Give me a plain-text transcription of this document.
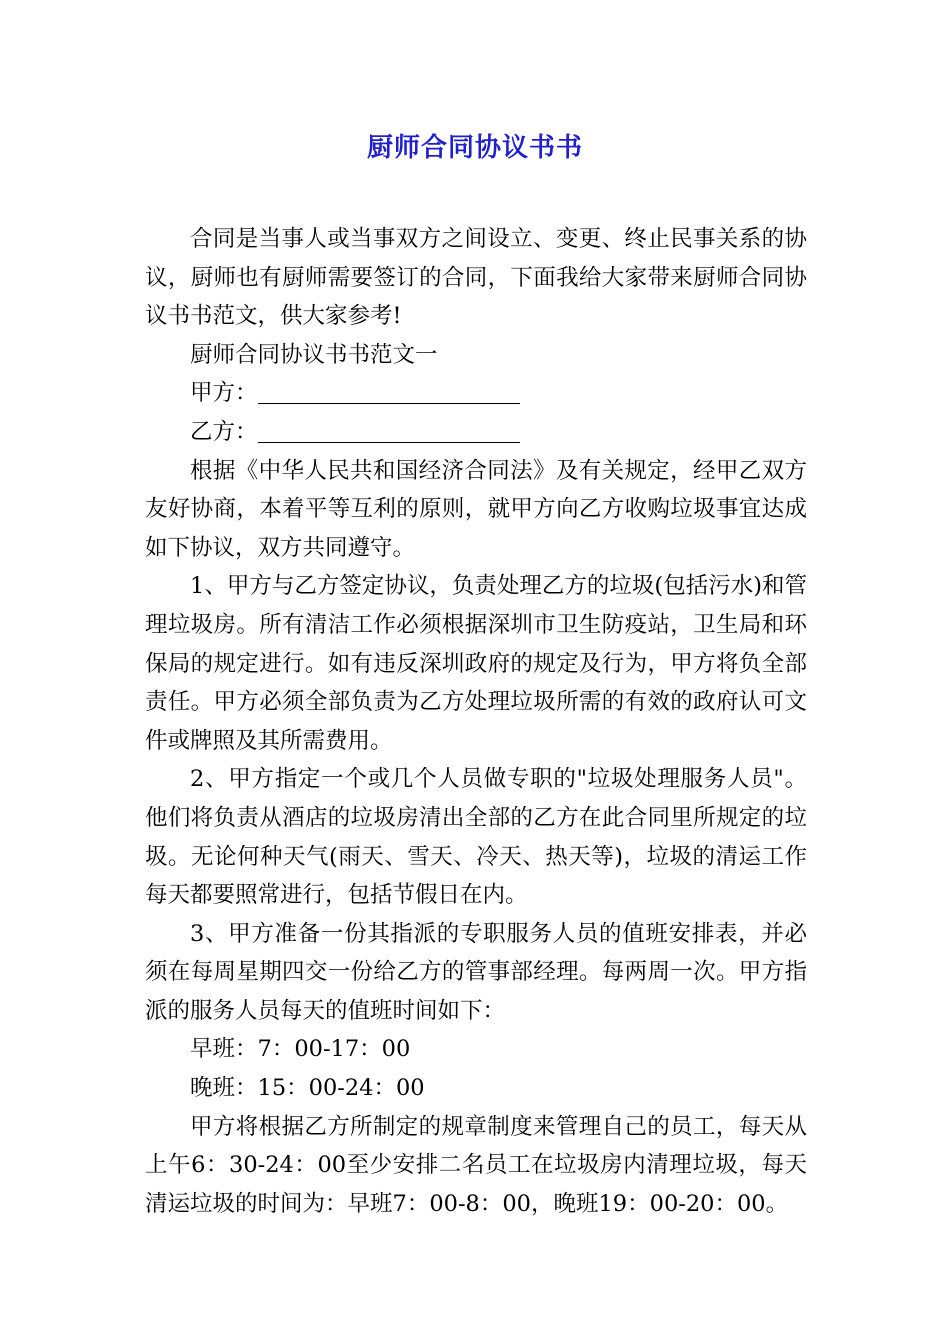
厨师合同协议书书

合同是当事人或当事双方之间设立、变更、终止民事关系的协议，厨师也有厨师需要签订的合同，下面我给大家带来厨师合同协议书书范文，供大家参考!

厨师合同协议书书范文一

甲方：

乙方：

根据《中华人民共和国经济合同法》及有关规定，经甲乙双方友好协商，本着平等互利的原则，就甲方向乙方收购垃圾事宜达成如下协议，双方共同遵守。

1、甲方与乙方签定协议，负责处理乙方的垃圾(包括污水)和管理垃圾房。所有清洁工作必须根据深圳市卫生防疫站，卫生局和环保局的规定进行。如有违反深圳政府的规定及行为，甲方将负全部责任。甲方必须全部负责为乙方处理垃圾所需的有效的政府认可文件或牌照及其所需费用。

2、甲方指定一个或几个人员做专职的"垃圾处理服务人员"。他们将负责从酒店的垃圾房清出全部的乙方在此合同里所规定的垃圾。无论何种天气(雨天、雪天、冷天、热天等)，垃圾的清运工作每天都要照常进行，包括节假日在内。

3、甲方准备一份其指派的专职服务人员的值班安排表，并必须在每周星期四交一份给乙方的管事部经理。每两周一次。甲方指派的服务人员每天的值班时间如下：

早班：7：00-17：00

晚班：15：00-24：00

甲方将根据乙方所制定的规章制度来管理自己的员工，每天从上午6：30-24：00至少安排二名员工在垃圾房内清理垃圾，每天清运垃圾的时间为：早班7：00-8：00，晚班19：00-20：00。
